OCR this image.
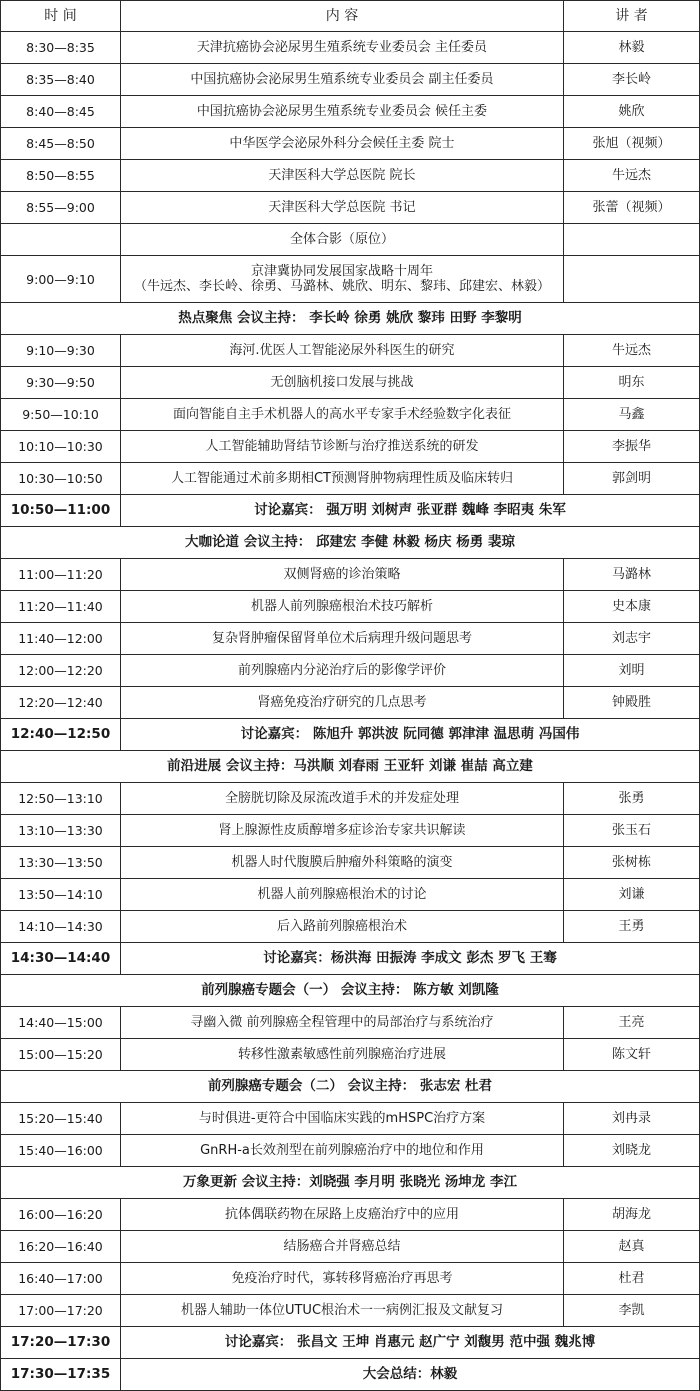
时 间	内 容	讲 者
8:30—8:35	天津抗癌协会泌尿男生殖系统专业委员会 主任委员	林毅
8:35—8:40	中国抗癌协会泌尿男生殖系统专业委员会 副主任委员	李长岭
8:40—8:45	中国抗癌协会泌尿男生殖系统专业委员会 候任主委	姚欣
8:45—8:50	中华医学会泌尿外科分会候任主委 院士	张旭（视频）
8:50—8:55	天津医科大学总医院 院长	牛远杰
8:55—9:00	天津医科大学总医院 书记	张蕾（视频）
	全体合影（原位）	
9:00—9:10	京津冀协同发展国家战略十周年
（牛远杰、李长岭、徐勇、马潞林、姚欣、明东、黎玮、邱建宏、林毅）	

热点聚焦 会议主持： 李长岭 徐勇 姚欣 黎玮 田野 李黎明		
9:10—9:30	海河.优医人工智能泌尿外科医生的研究	牛远杰
9:30—9:50	无创脑机接口发展与挑战	明东
9:50—10:10	面向智能自主手术机器人的高水平专家手术经验数字化表征	马鑫
10:10—10:30	人工智能辅助肾结节诊断与治疗推送系统的研发	李振华
10:30—10:50	人工智能通过术前多期相CT预测肾肿物病理性质及临床转归	郭剑明
10:50—11:00	讨论嘉宾： 强万明 刘树声 张亚群 魏峰 李昭夷 朱军	
大咖论道 会议主持： 邱建宏 李健 林毅 杨庆 杨勇 裴琼		
11:00—11:20	双侧肾癌的诊治策略	马潞林
11:20—11:40	机器人前列腺癌根治术技巧解析	史本康
11:40—12:00	复杂肾肿瘤保留肾单位术后病理升级问题思考	刘志宇
12:00—12:20	前列腺癌内分泌治疗后的影像学评价	刘明
12:20—12:40	肾癌免疫治疗研究的几点思考	钟殿胜
12:40—12:50	讨论嘉宾： 陈旭升 郭洪波 阮同德 郭津津 温思萌 冯国伟	
前沿进展 会议主持：马洪顺 刘春雨 王亚轩 刘谦 崔喆 高立建		
12:50—13:10	全膀胱切除及尿流改道手术的并发症处理	张勇
13:10—13:30	肾上腺源性皮质醇增多症诊治专家共识解读	张玉石
13:30—13:50	机器人时代腹膜后肿瘤外科策略的演变	张树栋
13:50—14:10	机器人前列腺癌根治术的讨论	刘谦
14:10—14:30	后入路前列腺癌根治术	王勇
14:30—14:40	讨论嘉宾：杨洪海 田振涛 李成文 彭杰 罗飞 王骞	
前列腺癌专题会（一） 会议主持： 陈方敏 刘凯隆		
14:40—15:00	寻幽入微 前列腺癌全程管理中的局部治疗与系统治疗	王亮
15:00—15:20	转移性激素敏感性前列腺癌治疗进展	陈文轩
前列腺癌专题会（二） 会议主持： 张志宏 杜君		
15:20—15:40	与时俱进-更符合中国临床实践的mHSPC治疗方案	刘冉录
15:40—16:00	GnRH-a长效剂型在前列腺癌治疗中的地位和作用	刘晓龙
万象更新 会议主持：刘晓强 李月明 张晓光 汤坤龙 李江		
16:00—16:20	抗体偶联药物在尿路上皮癌治疗中的应用	胡海龙
16:20—16:40	结肠癌合并肾癌总结	赵真
16:40—17:00	免疫治疗时代，寡转移肾癌治疗再思考	杜君
17:00—17:20	机器人辅助一体位UTUC根治术一一病例汇报及文献复习	李凯
17:20—17:30	讨论嘉宾： 张昌文 王坤 肖惠元 赵广宁 刘馥男 范中强 魏兆博	
17:30—17:35	大会总结：林毅	
